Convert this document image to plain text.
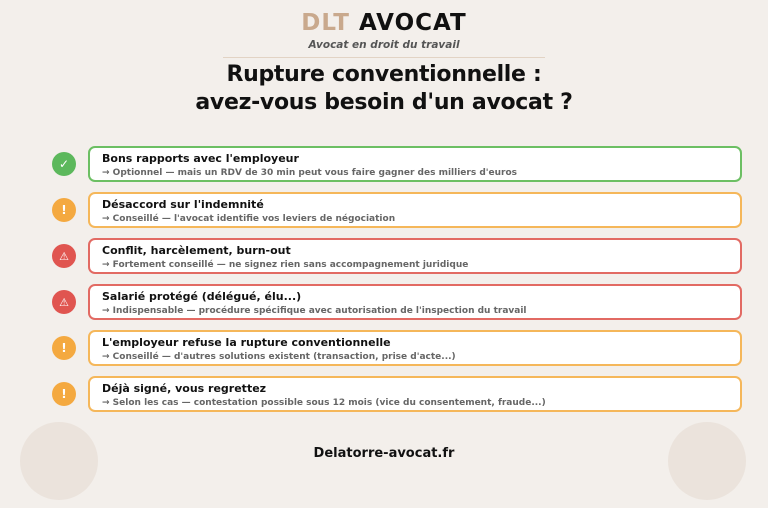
DLT AVOCAT
Avocat en droit du travail
Rupture conventionnelle :
avez-vous besoin d'un avocat ?
✓	Bons rapports avec l'employeur
→ Optionnel — mais un RDV de 30 min peut vous faire gagner des milliers d'euros
!	Désaccord sur l'indemnité
→ Conseillé — l'avocat identifie vos leviers de négociation
⚠	Conflit, harcèlement, burn-out
→ Fortement conseillé — ne signez rien sans accompagnement juridique
⚠	Salarié protégé (délégué, élu...)
→ Indispensable — procédure spécifique avec autorisation de l'inspection du travail
!	L'employeur refuse la rupture conventionnelle
→ Conseillé — d'autres solutions existent (transaction, prise d'acte...)
!	Déjà signé, vous regrettez
→ Selon les cas — contestation possible sous 12 mois (vice du consentement, fraude...)
Delatorre-avocat.fr
